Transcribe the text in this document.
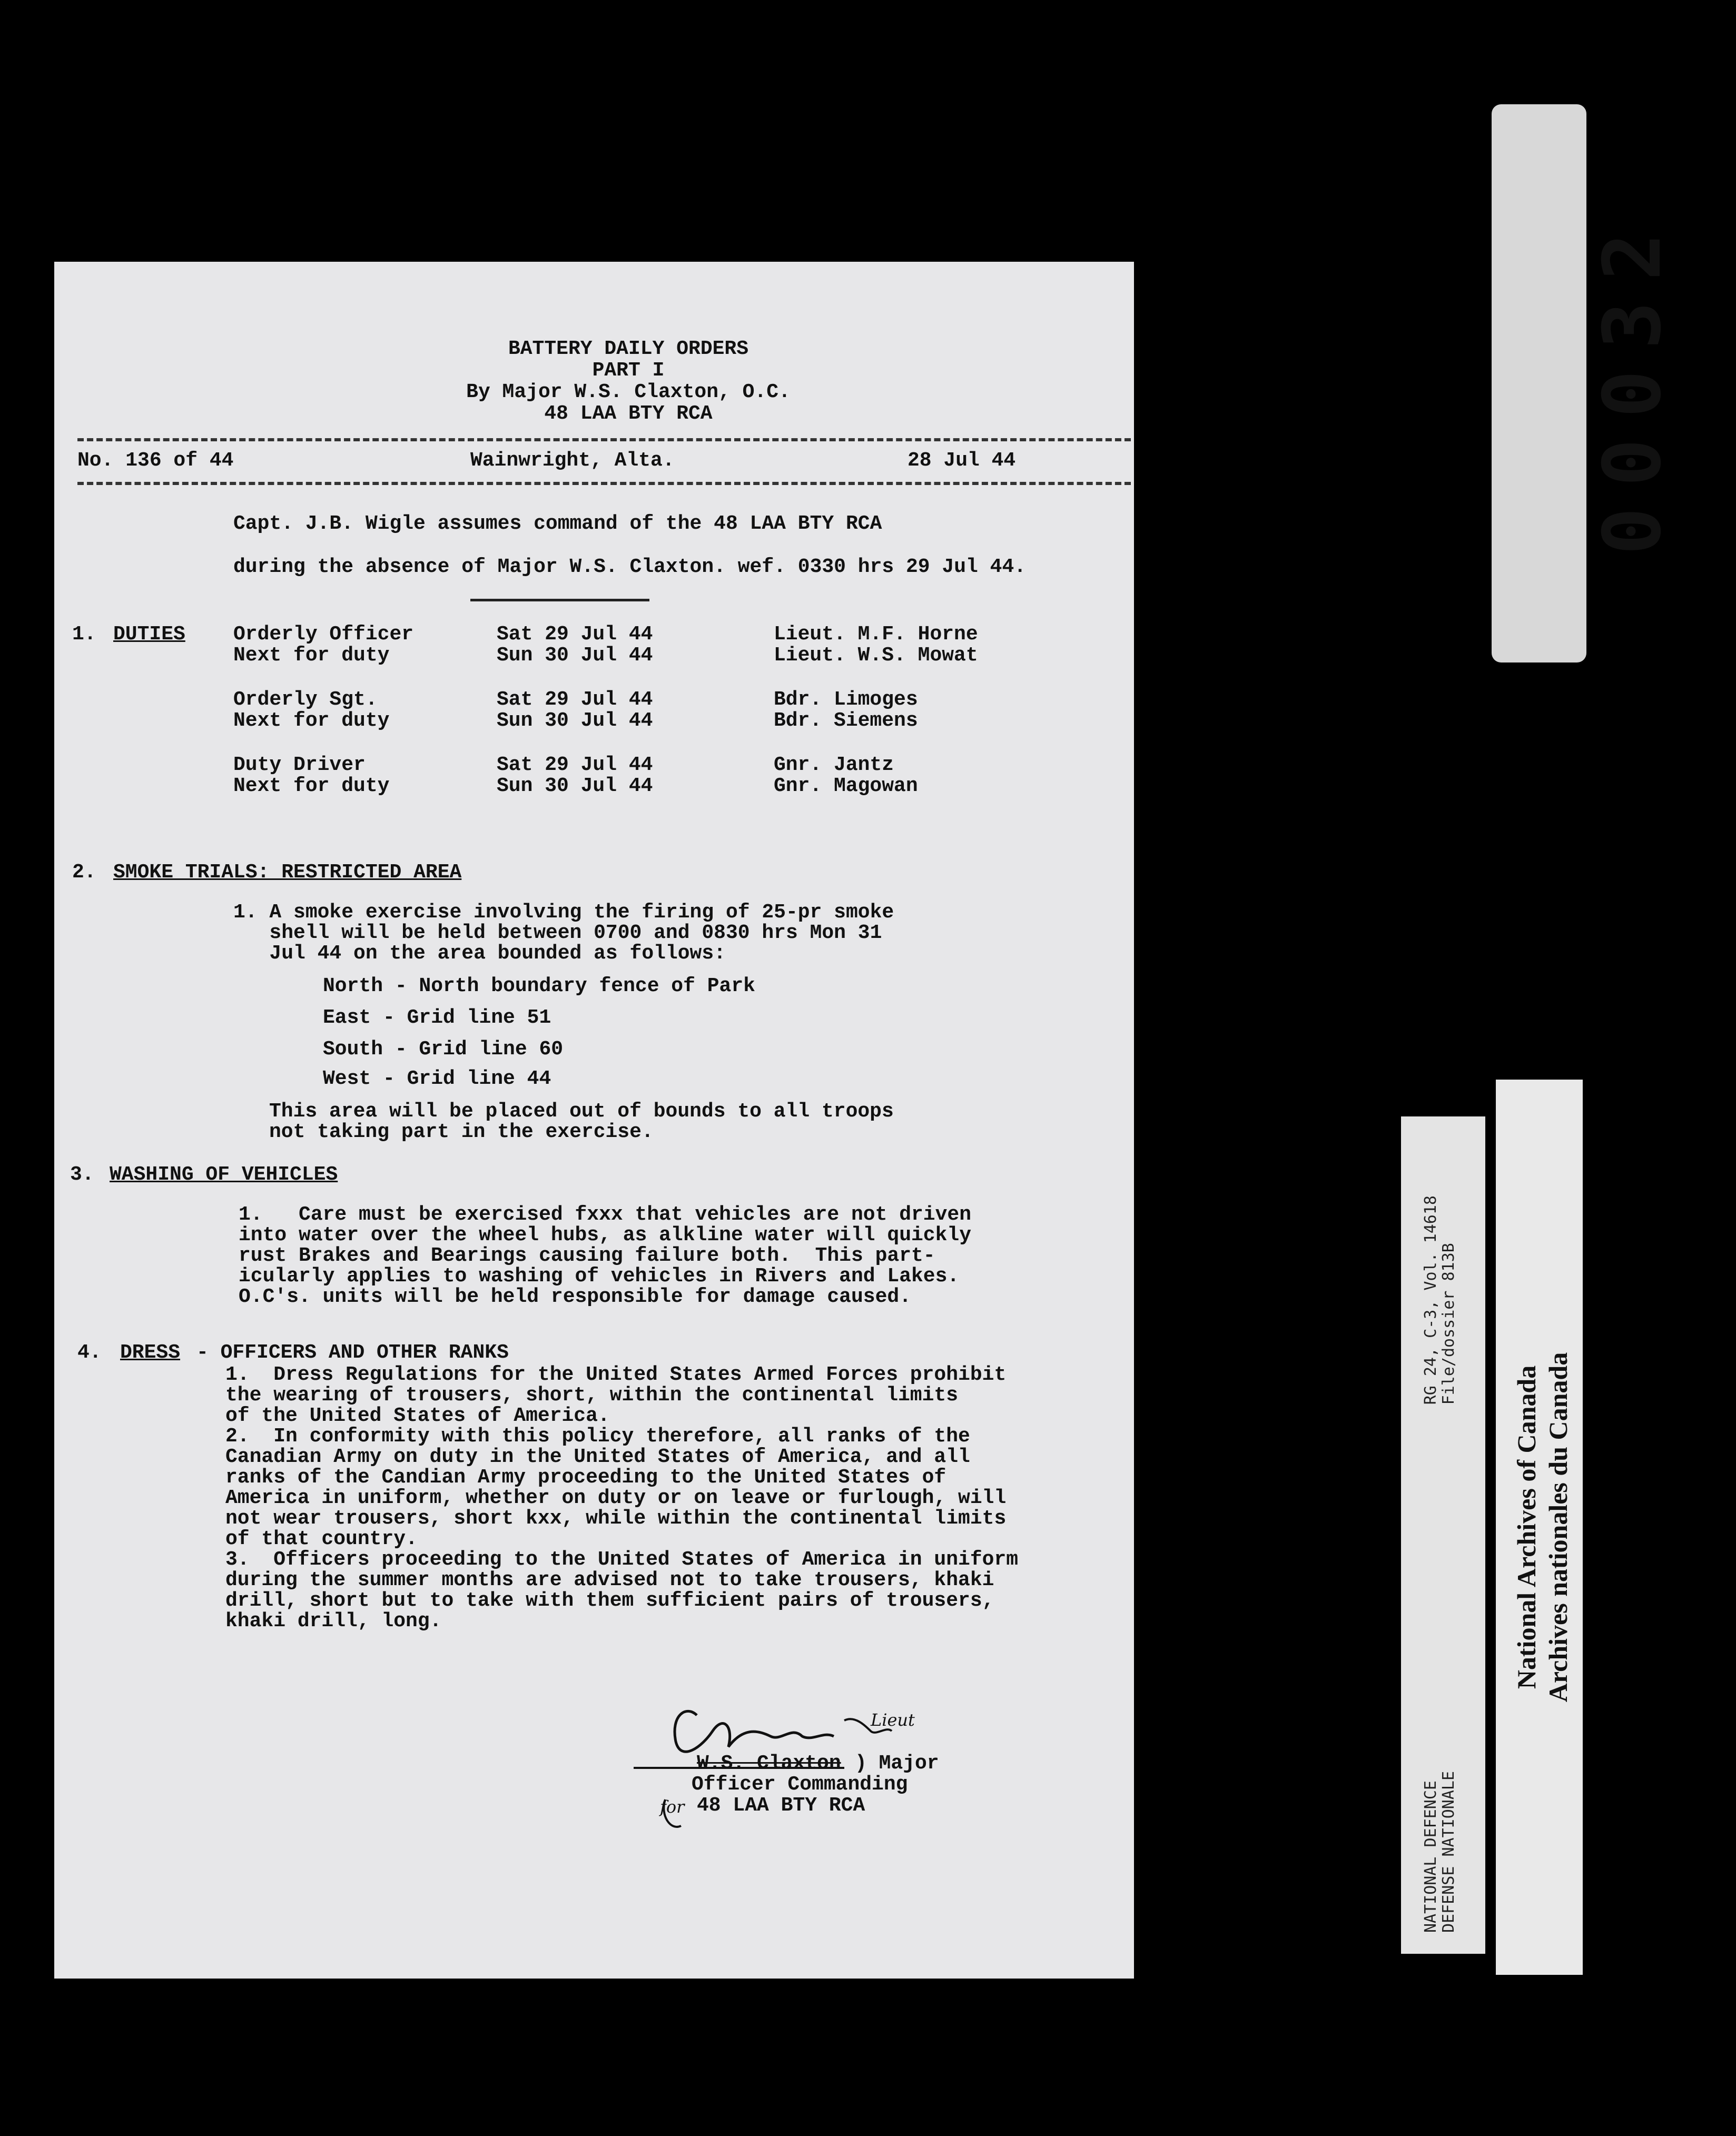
00032
NATIONAL DEFENCE DEFENSE NATIONALE
RG 24, C-3, Vol. 14618 File/dossier 813B
National Archives of Canada Archives nationales du Canada
BATTERY DAILY ORDERS
PART I
By Major W.S. Claxton, O.C.
48 LAA BTY RCA
No. 136 of 44	Wainwright, Alta.	28 Jul 44
Capt. J.B. Wigle assumes command of the 48 LAA BTY RCA
during the absence of Major W.S. Claxton. wef. 0330 hrs 29 Jul 44.
1. DUTIES Orderly Officer	Sat 29 Jul 44	Lieut. M.F. Horne
Next for duty	Sun 30 Jul 44	Lieut. W.S. Mowat
Orderly Sgt.	Sat 29 Jul 44	Bdr. Limoges
Next for duty	Sun 30 Jul 44	Bdr. Siemens
Duty Driver	Sat 29 Jul 44	Gnr. Jantz
Next for duty	Sun 30 Jul 44	Gnr. Magowan
2. SMOKE TRIALS: RESTRICTED AREA
1. A smoke exercise involving the firing of 25-pr smoke
shell will be held between 0700 and 0830 hrs Mon 31
Jul 44 on the area bounded as follows:
North - North boundary fence of Park
East - Grid line 51
South - Grid line 60
West - Grid line 44
This area will be placed out of bounds to all troops
not taking part in the exercise.
3. WASHING OF VEHICLES
1.   Care must be exercised fxxx that vehicles are not driven
into water over the wheel hubs, as alkline water will quickly
rust Brakes and Bearings causing failure both.  This part-
icularly applies to washing of vehicles in Rivers and Lakes.
O.C's. units will be held responsible for damage caused.
4. DRESS - OFFICERS AND OTHER RANKS
1.  Dress Regulations for the United States Armed Forces prohibit
the wearing of trousers, short, within the continental limits
of the United States of America.
2.  In conformity with this policy therefore, all ranks of the
Canadian Army on duty in the United States of America, and all
ranks of the Candian Army proceeding to the United States of
America in uniform, whether on duty or on leave or furlough, will
not wear trousers, short kxx, while within the continental limits
of that country.
3.  Officers proceeding to the United States of America in uniform
during the summer months are advised not to take trousers, khaki
drill, short but to take with them sufficient pairs of trousers,
khaki drill, long.
W.S. Claxton ) Major
Officer Commanding
48 LAA BTY RCA
for
Lieut
